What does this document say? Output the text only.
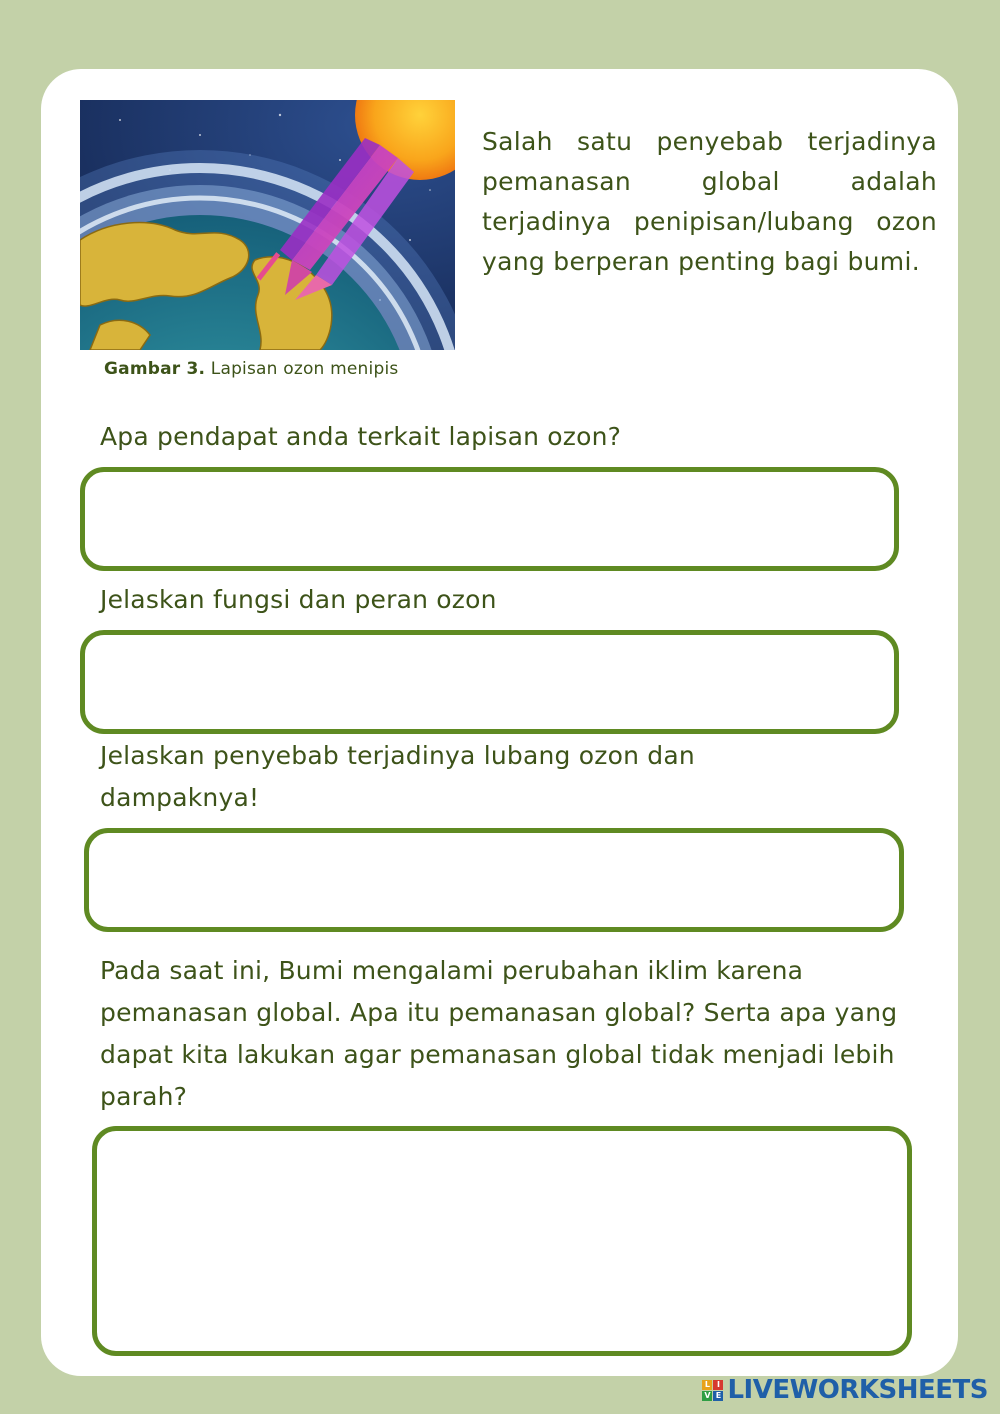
Gambar 3. Lapisan ozon menipis
Salah satu penyebab terjadinya pemanasan global adalah terjadinya penipisan/lubang ozon yang berperan penting bagi bumi.
Apa pendapat anda terkait lapisan ozon?
Jelaskan fungsi dan peran ozon
Jelaskan penyebab terjadinya lubang ozon dan dampaknya!
Pada saat ini, Bumi mengalami perubahan iklim karena pemanasan global. Apa itu pemanasan global? Serta apa yang dapat kita lakukan agar pemanasan global tidak menjadi lebih parah?
L I
V E LIVEWORKSHEETS
